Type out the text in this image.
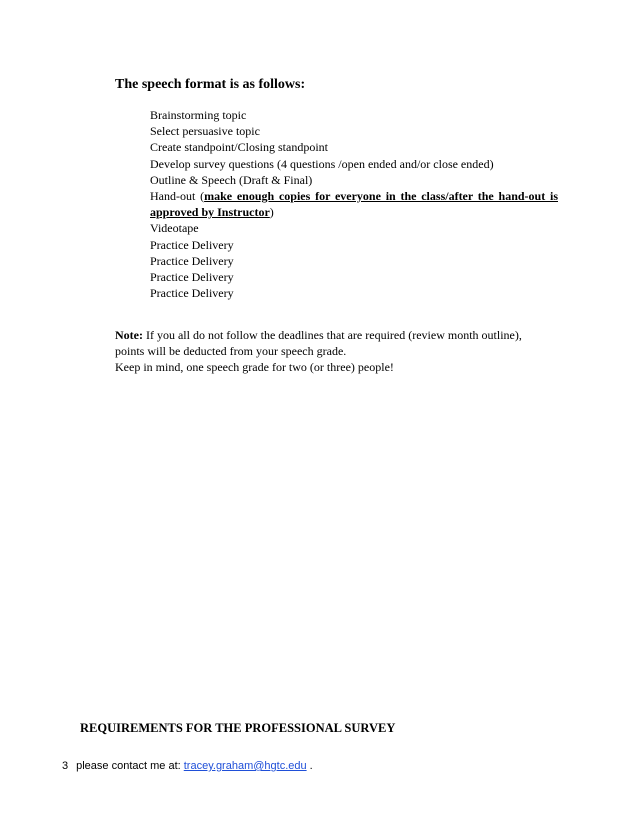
The speech format is as follows:
Brainstorming topic
Select persuasive topic
Create standpoint/Closing standpoint
Develop survey questions (4 questions /open ended and/or close ended)
Outline & Speech (Draft & Final)
Hand-out (make enough copies for everyone in the class/after the hand-out is
approved by Instructor)
Videotape
Practice Delivery
Practice Delivery
Practice Delivery
Practice Delivery
Note: If you all do not follow the deadlines that are required (review month outline),
points will be deducted from your speech grade.
Keep in mind, one speech grade for two (or three) people!
REQUIREMENTS FOR THE PROFESSIONAL SURVEY
3 please contact me at: tracey.graham@hgtc.edu .
